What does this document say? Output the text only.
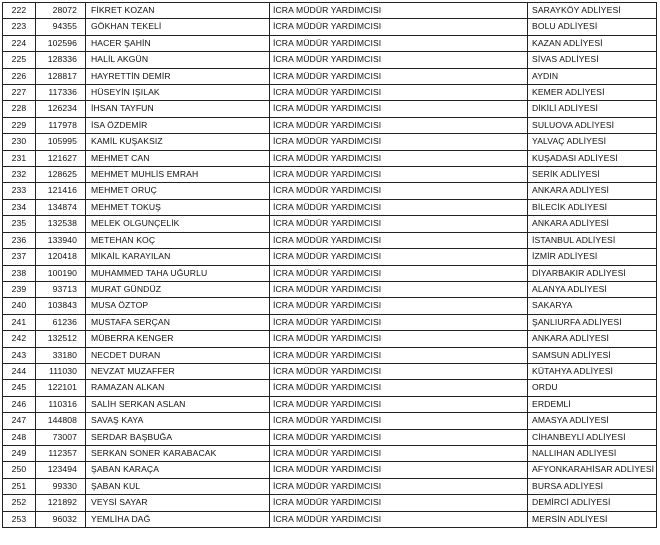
222	28072	FİKRET KOZAN	İCRA MÜDÜR YARDIMCISI	SARAYKÖY ADLİYESİ
223	94355	GÖKHAN TEKELİ	İCRA MÜDÜR YARDIMCISI	BOLU ADLİYESİ
224	102596	HACER ŞAHİN	İCRA MÜDÜR YARDIMCISI	KAZAN ADLİYESİ
225	128336	HALİL AKGÜN	İCRA MÜDÜR YARDIMCISI	SİVAS ADLİYESİ
226	128817	HAYRETTİN DEMİR	İCRA MÜDÜR YARDIMCISI	AYDIN
227	117336	HÜSEYİN IŞILAK	İCRA MÜDÜR YARDIMCISI	KEMER ADLİYESİ
228	126234	İHSAN TAYFUN	İCRA MÜDÜR YARDIMCISI	DİKİLİ ADLİYESİ
229	117978	İSA ÖZDEMİR	İCRA MÜDÜR YARDIMCISI	SULUOVA ADLİYESİ
230	105995	KAMİL KUŞAKSIZ	İCRA MÜDÜR YARDIMCISI	YALVAÇ ADLİYESİ
231	121627	MEHMET CAN	İCRA MÜDÜR YARDIMCISI	KUŞADASI ADLİYESİ
232	128625	MEHMET MUHLİS EMRAH	İCRA MÜDÜR YARDIMCISI	SERİK ADLİYESİ
233	121416	MEHMET ORUÇ	İCRA MÜDÜR YARDIMCISI	ANKARA ADLİYESİ
234	134874	MEHMET TOKUŞ	İCRA MÜDÜR YARDIMCISI	BİLECİK ADLİYESİ
235	132538	MELEK OLGUNÇELİK	İCRA MÜDÜR YARDIMCISI	ANKARA ADLİYESİ
236	133940	METEHAN KOÇ	İCRA MÜDÜR YARDIMCISI	İSTANBUL ADLİYESİ
237	120418	MİKAİL KARAYILAN	İCRA MÜDÜR YARDIMCISI	İZMİR ADLİYESİ
238	100190	MUHAMMED TAHA UĞURLU	İCRA MÜDÜR YARDIMCISI	DİYARBAKIR ADLİYESİ
239	93713	MURAT GÜNDÜZ	İCRA MÜDÜR YARDIMCISI	ALANYA ADLİYESİ
240	103843	MUSA ÖZTOP	İCRA MÜDÜR YARDIMCISI	SAKARYA
241	61236	MUSTAFA SERÇAN	İCRA MÜDÜR YARDIMCISI	ŞANLIURFA ADLİYESİ
242	132512	MÜBERRA KENGER	İCRA MÜDÜR YARDIMCISI	ANKARA ADLİYESİ
243	33180	NECDET DURAN	İCRA MÜDÜR YARDIMCISI	SAMSUN ADLİYESİ
244	111030	NEVZAT MUZAFFER	İCRA MÜDÜR YARDIMCISI	KÜTAHYA ADLİYESİ
245	122101	RAMAZAN ALKAN	İCRA MÜDÜR YARDIMCISI	ORDU
246	110316	SALİH SERKAN ASLAN	İCRA MÜDÜR YARDIMCISI	ERDEMLİ
247	144808	SAVAŞ KAYA	İCRA MÜDÜR YARDIMCISI	AMASYA ADLİYESİ
248	73007	SERDAR BAŞBUĞA	İCRA MÜDÜR YARDIMCISI	CİHANBEYLİ ADLİYESİ
249	112357	SERKAN SONER KARABACAK	İCRA MÜDÜR YARDIMCISI	NALLIHAN ADLİYESİ
250	123494	ŞABAN KARAÇA	İCRA MÜDÜR YARDIMCISI	AFYONKARAHİSAR ADLİYESİ
251	99330	ŞABAN KUL	İCRA MÜDÜR YARDIMCISI	BURSA ADLİYESİ
252	121892	VEYSİ SAYAR	İCRA MÜDÜR YARDIMCISI	DEMİRCİ ADLİYESİ
253	96032	YEMLİHA DAĞ	İCRA MÜDÜR YARDIMCISI	MERSİN ADLİYESİ
